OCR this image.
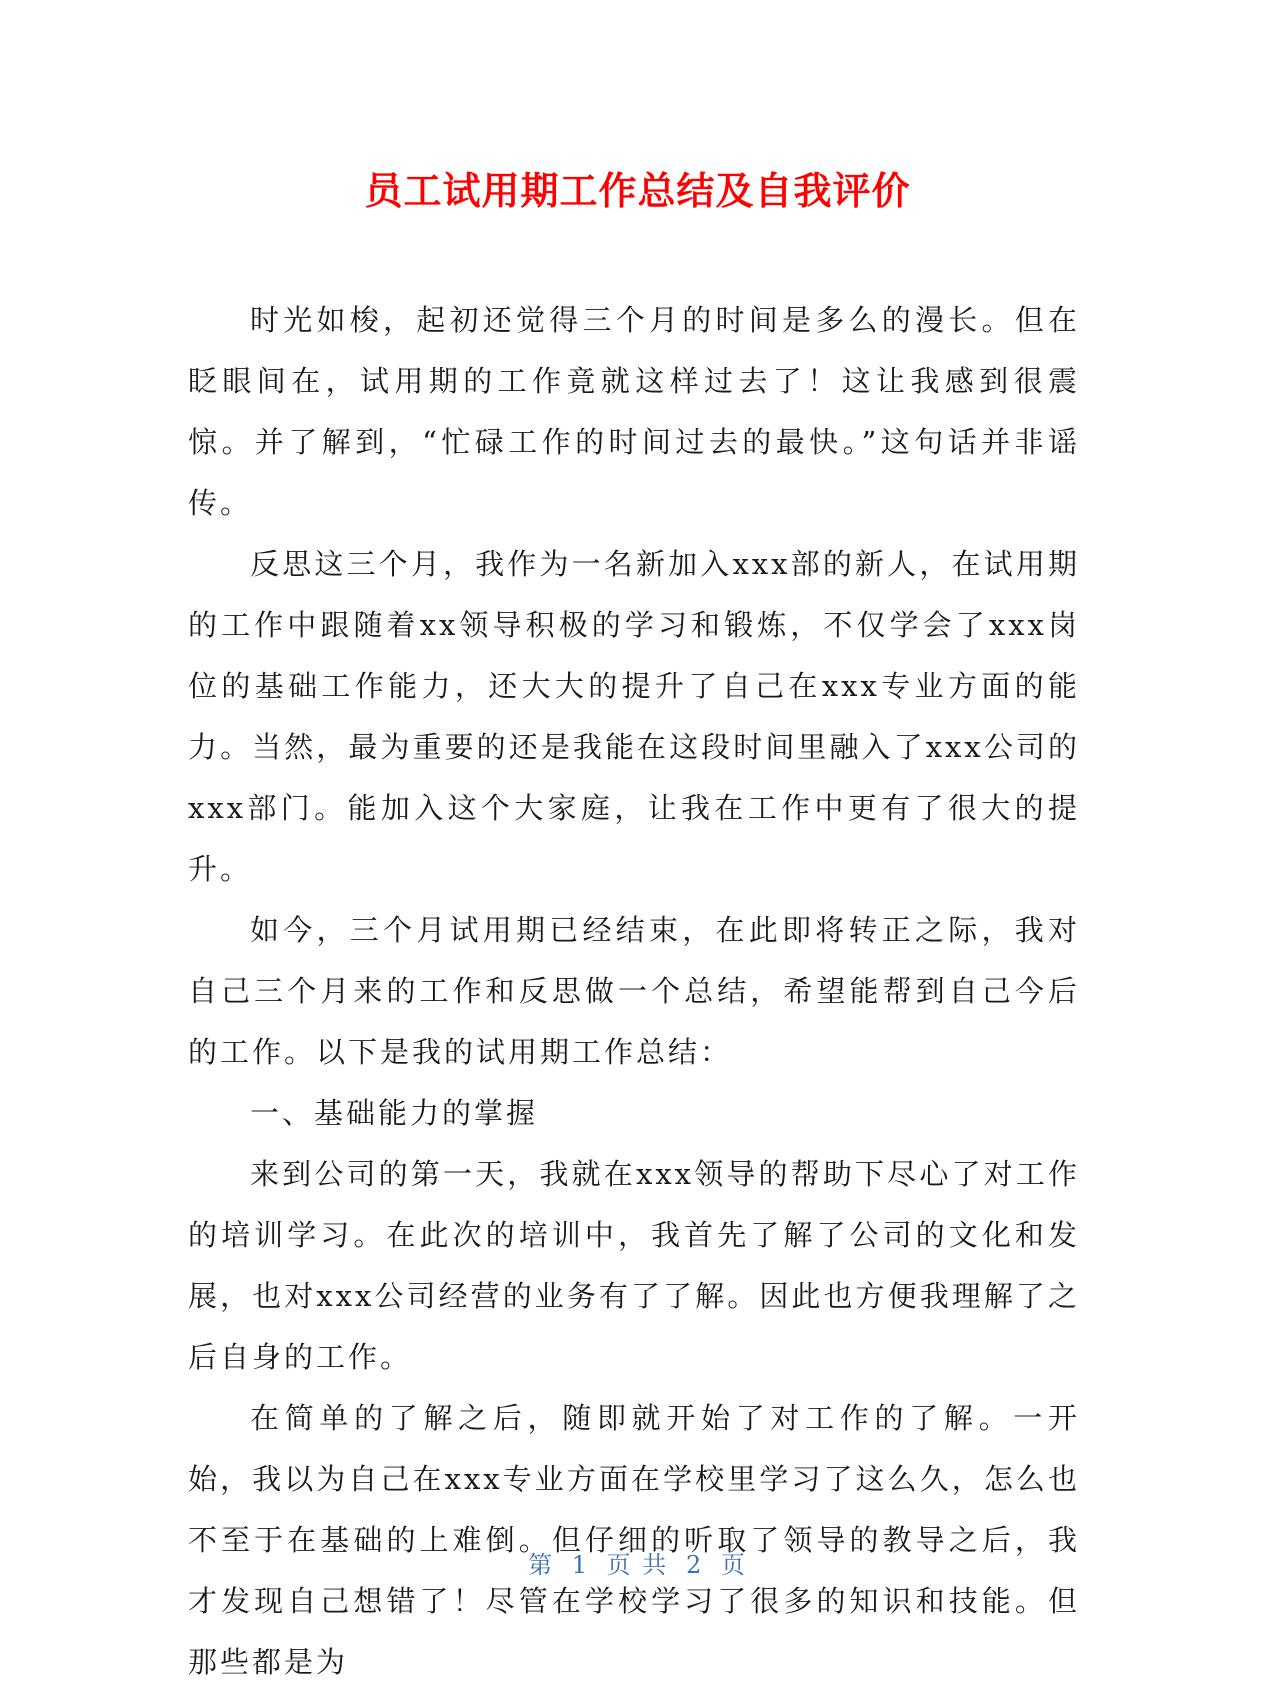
员工试用期工作总结及自我评价

时光如梭，起初还觉得三个月的时间是多么的漫长。但在眨眼间在，试用期的工作竟就这样过去了！这让我感到很震惊。并了解到，“忙碌工作的时间过去的最快。”这句话并非谣传。

反思这三个月，我作为一名新加入xxx部的新人，在试用期的工作中跟随着xx领导积极的学习和锻炼，不仅学会了xxx岗位的基础工作能力，还大大的提升了自己在xxx专业方面的能力。当然，最为重要的还是我能在这段时间里融入了xxx公司的xxx部门。能加入这个大家庭，让我在工作中更有了很大的提升。

如今，三个月试用期已经结束，在此即将转正之际，我对自己三个月来的工作和反思做一个总结，希望能帮到自己今后的工作。以下是我的试用期工作总结：

一、基础能力的掌握

来到公司的第一天，我就在xxx领导的帮助下尽心了对工作的培训学习。在此次的培训中，我首先了解了公司的文化和发展，也对xxx公司经营的业务有了了解。因此也方便我理解了之后自身的工作。

在简单的了解之后，随即就开始了对工作的了解。一开始，我以为自己在xxx专业方面在学校里学习了这么久，怎么也不至于在基础的上难倒。但仔细的听取了领导的教导之后，我才发现自己想错了！尽管在学校学习了很多的知识和技能。但那些都是为

第 1 页 共 2 页
